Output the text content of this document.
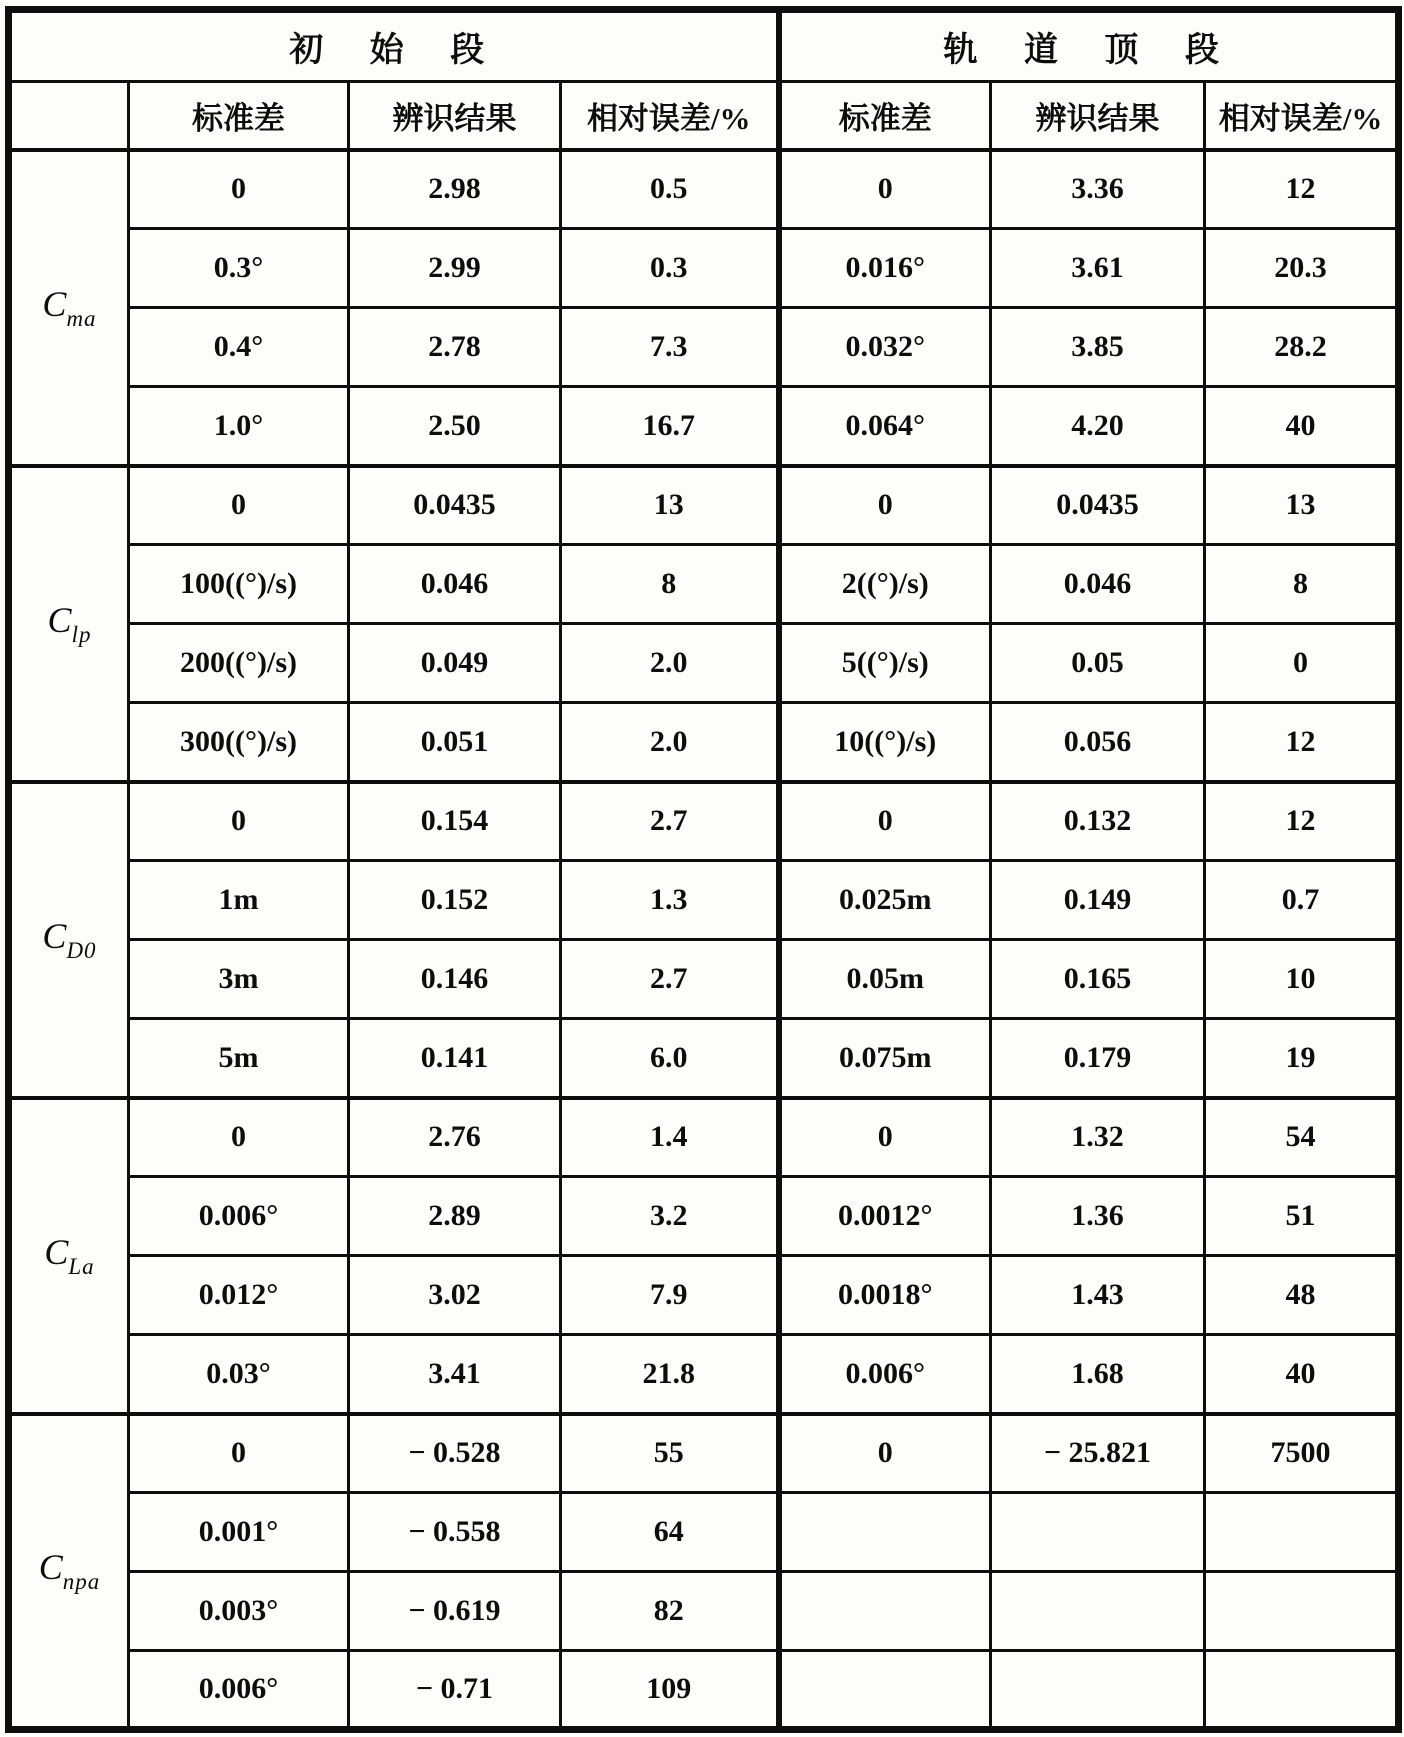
初 始 段				轨 道 顶 段		
	标准差	辨识结果	相对误差/%	标准差	辨识结果	相对误差/%
$C_{ma}$	0	2.98	0.5	0	3.36	12
	0.3°	2.99	0.3	0.016°	3.61	20.3
	0.4°	2.78	7.3	0.032°	3.85	28.2
	1.0°	2.50	16.7	0.064°	4.20	40
$C_{lp}$	0	0.0435	13	0	0.0435	13
	100((°)/s)	0.046	8	2((°)/s)	0.046	8
	200((°)/s)	0.049	2.0	5((°)/s)	0.05	0
	300((°)/s)	0.051	2.0	10((°)/s)	0.056	12
$C_{D0}$	0	0.154	2.7	0	0.132	12
	1m	0.152	1.3	0.025m	0.149	0.7
	3m	0.146	2.7	0.05m	0.165	10
	5m	0.141	6.0	0.075m	0.179	19
$C_{La}$	0	2.76	1.4	0	1.32	54
	0.006°	2.89	3.2	0.0012°	1.36	51
	0.012°	3.02	7.9	0.0018°	1.43	48
	0.03°	3.41	21.8	0.006°	1.68	40
$C_{npa}$	0	− 0.528	55	0	− 25.821	7500
	0.001°	− 0.558	64			
	0.003°	− 0.619	82			
	0.006°	− 0.71	109			
